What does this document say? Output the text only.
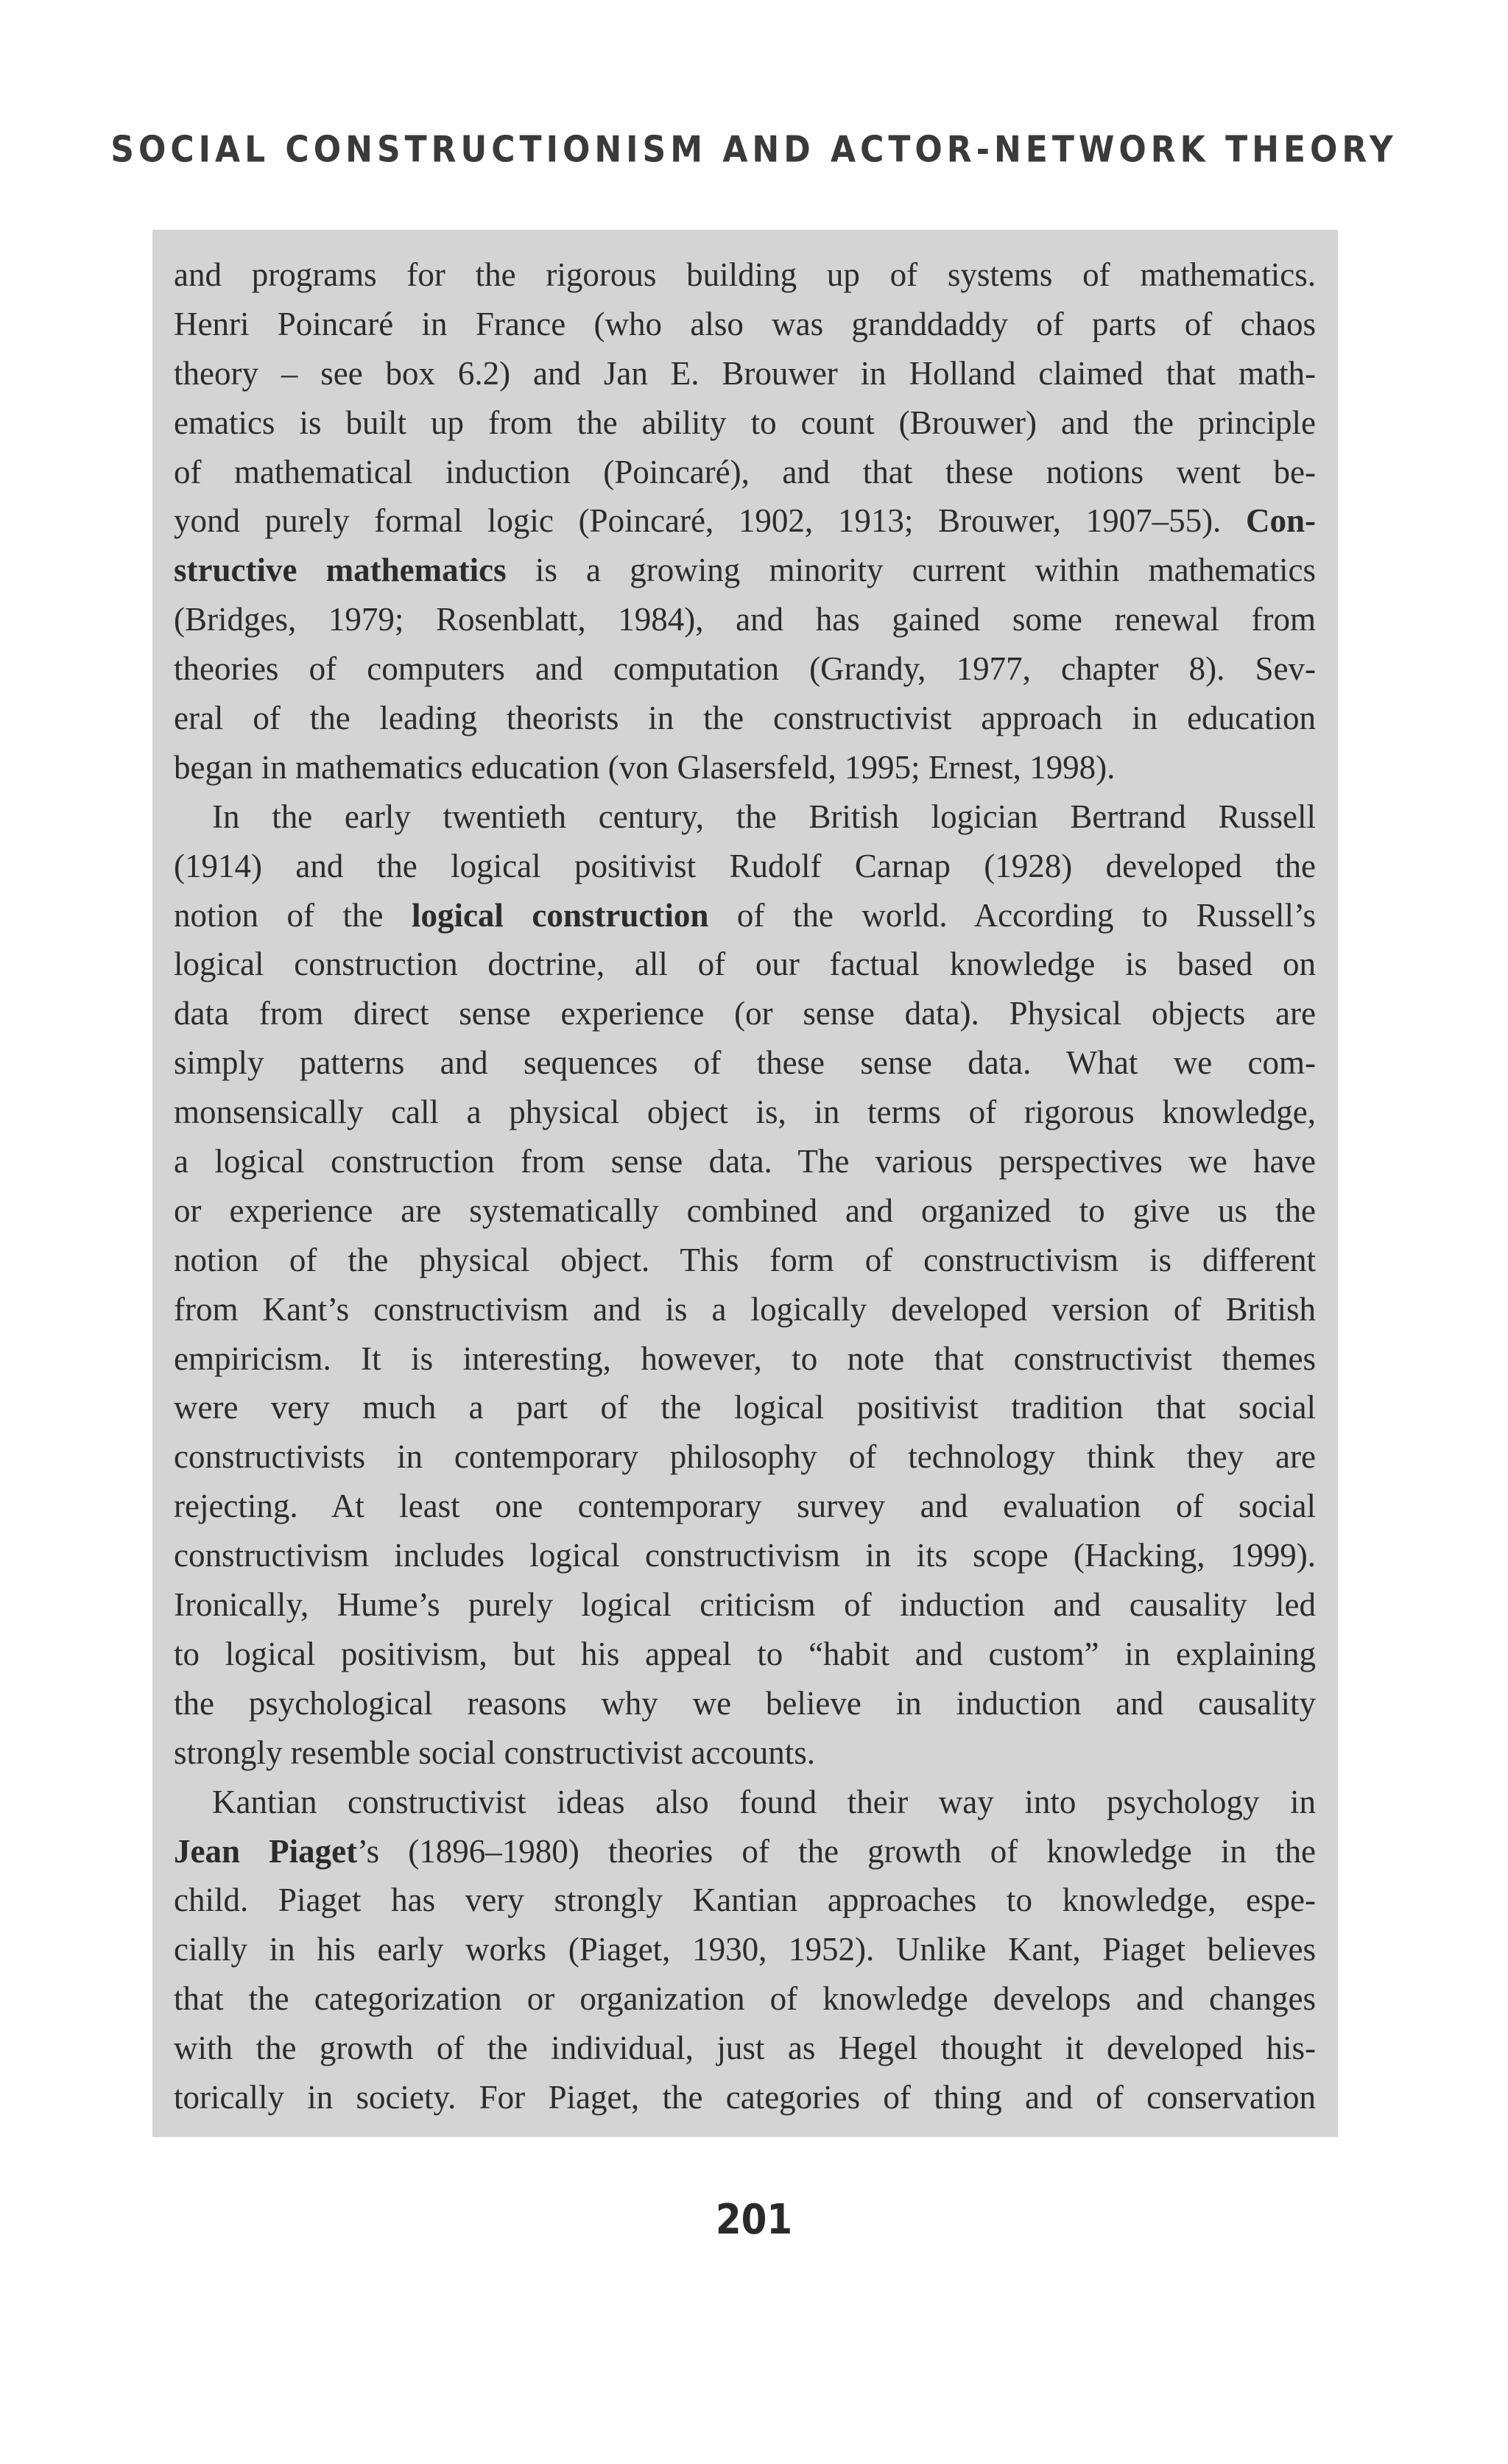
SOCIAL CONSTRUCTIONISM AND ACTOR-NETWORK THEORY
and programs for the rigorous building up of systems of mathematics.
Henri Poincaré in France (who also was granddaddy of parts of chaos
theory – see box 6.2) and Jan E. Brouwer in Holland claimed that math-
ematics is built up from the ability to count (Brouwer) and the principle
of mathematical induction (Poincaré), and that these notions went be-
yond purely formal logic (Poincaré, 1902, 1913; Brouwer, 1907–55). Con-
structive mathematics is a growing minority current within mathematics
(Bridges, 1979; Rosenblatt, 1984), and has gained some renewal from
theories of computers and computation (Grandy, 1977, chapter 8). Sev-
eral of the leading theorists in the constructivist approach in education
began in mathematics education (von Glasersfeld, 1995; Ernest, 1998).
In the early twentieth century, the British logician Bertrand Russell
(1914) and the logical positivist Rudolf Carnap (1928) developed the
notion of the logical construction of the world. According to Russell’s
logical construction doctrine, all of our factual knowledge is based on
data from direct sense experience (or sense data). Physical objects are
simply patterns and sequences of these sense data. What we com-
monsensically call a physical object is, in terms of rigorous knowledge,
a logical construction from sense data. The various perspectives we have
or experience are systematically combined and organized to give us the
notion of the physical object. This form of constructivism is different
from Kant’s constructivism and is a logically developed version of British
empiricism. It is interesting, however, to note that constructivist themes
were very much a part of the logical positivist tradition that social
constructivists in contemporary philosophy of technology think they are
rejecting. At least one contemporary survey and evaluation of social
constructivism includes logical constructivism in its scope (Hacking, 1999).
Ironically, Hume’s purely logical criticism of induction and causality led
to logical positivism, but his appeal to “habit and custom” in explaining
the psychological reasons why we believe in induction and causality
strongly resemble social constructivist accounts.
Kantian constructivist ideas also found their way into psychology in
Jean Piaget’s (1896–1980) theories of the growth of knowledge in the
child. Piaget has very strongly Kantian approaches to knowledge, espe-
cially in his early works (Piaget, 1930, 1952). Unlike Kant, Piaget believes
that the categorization or organization of knowledge develops and changes
with the growth of the individual, just as Hegel thought it developed his-
torically in society. For Piaget, the categories of thing and of conservation
201
